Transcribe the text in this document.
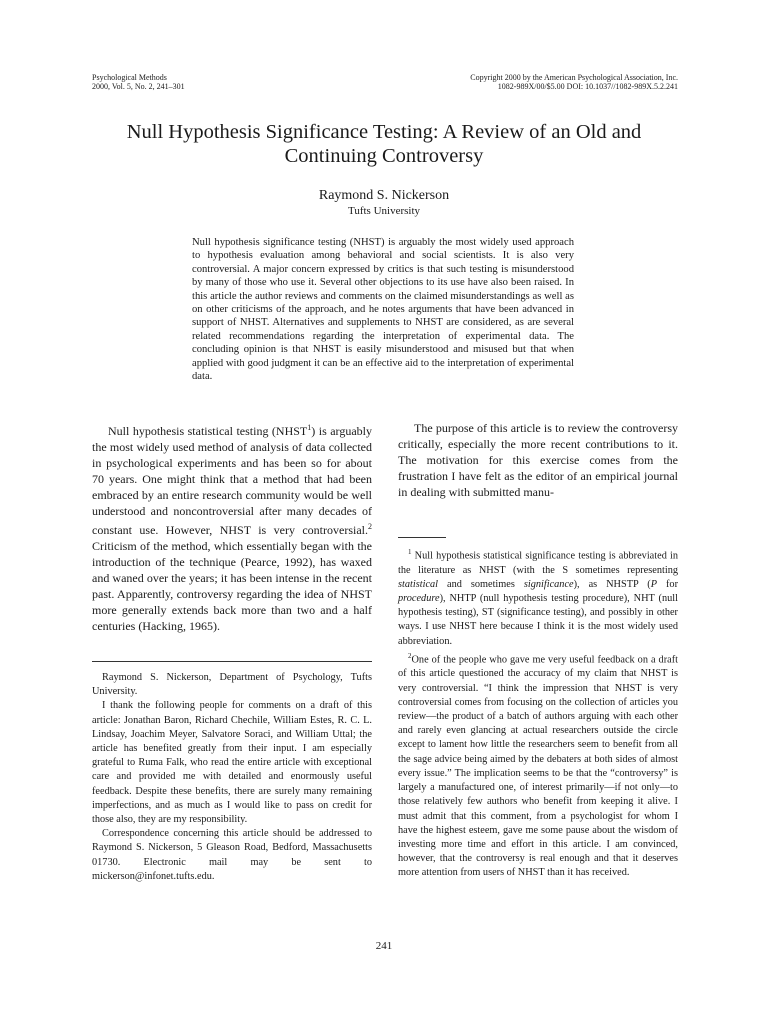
Psychological Methods
2000, Vol. 5, No. 2, 241–301
Copyright 2000 by the American Psychological Association, Inc.
1082-989X/00/$5.00 DOI: 10.1037//1082-989X.5.2.241
Null Hypothesis Significance Testing: A Review of an Old and
Continuing Controversy
Raymond S. Nickerson
Tufts University
Null hypothesis significance testing (NHST) is arguably the most widely used approach to hypothesis evaluation among behavioral and social scientists. It is also very controversial. A major concern expressed by critics is that such testing is misunderstood by many of those who use it. Several other objections to its use have also been raised. In this article the author reviews and comments on the claimed misunderstandings as well as on other criticisms of the approach, and he notes arguments that have been advanced in support of NHST. Alternatives and supplements to NHST are considered, as are several related recommendations regarding the interpretation of experimental data. The concluding opinion is that NHST is easily misunderstood and misused but that when applied with good judgment it can be an effective aid to the interpretation of experimental data.

Null hypothesis statistical testing (NHST$^1$) is arguably the most widely used method of analysis of data collected in psychological experiments and has been so for about 70 years. One might think that a method that had been embraced by an entire research community would be well understood and noncontroversial after many decades of constant use. However, NHST is very controversial.$^2$ Criticism of the method, which essentially began with the introduction of the technique (Pearce, 1992), has waxed and waned over the years; it has been intense in the recent past. Apparently, controversy regarding the idea of NHST more generally extends back more than two and a half centuries (Hacking, 1965).

Raymond S. Nickerson, Department of Psychology, Tufts University.

I thank the following people for comments on a draft of this article: Jonathan Baron, Richard Chechile, William Estes, R. C. L. Lindsay, Joachim Meyer, Salvatore Soraci, and William Uttal; the article has benefited greatly from their input. I am especially grateful to Ruma Falk, who read the entire article with exceptional care and provided me with detailed and enormously useful feedback. Despite these benefits, there are surely many remaining imperfections, and as much as I would like to pass on credit for those also, they are my responsibility.

Correspondence concerning this article should be addressed to Raymond S. Nickerson, 5 Gleason Road, Bedford, Massachusetts 01730. Electronic mail may be sent to mickerson@infonet.tufts.edu.

The purpose of this article is to review the controversy critically, especially the more recent contributions to it. The motivation for this exercise comes from the frustration I have felt as the editor of an empirical journal in dealing with submitted manu-

$^1$ Null hypothesis statistical significance testing is abbreviated in the literature as NHST (with the S sometimes representing statistical and sometimes significance), as NHSTP (P for procedure), NHTP (null hypothesis testing procedure), NHT (null hypothesis testing), ST (significance testing), and possibly in other ways. I use NHST here because I think it is the most widely used abbreviation.

$^2$One of the people who gave me very useful feedback on a draft of this article questioned the accuracy of my claim that NHST is very controversial. “I think the impression that NHST is very controversial comes from focusing on the collection of articles you review—the product of a batch of authors arguing with each other and rarely even glancing at actual researchers outside the circle except to lament how little the researchers seem to benefit from all the sage advice being aimed by the debaters at both sides of almost every issue.” The implication seems to be that the “controversy” is largely a manufactured one, of interest primarily—if not only—to those relatively few authors who benefit from keeping it alive. I must admit that this comment, from a psychologist for whom I have the highest esteem, gave me some pause about the wisdom of investing more time and effort in this article. I am convinced, however, that the controversy is real enough and that it deserves more attention from users of NHST than it has received.

241
